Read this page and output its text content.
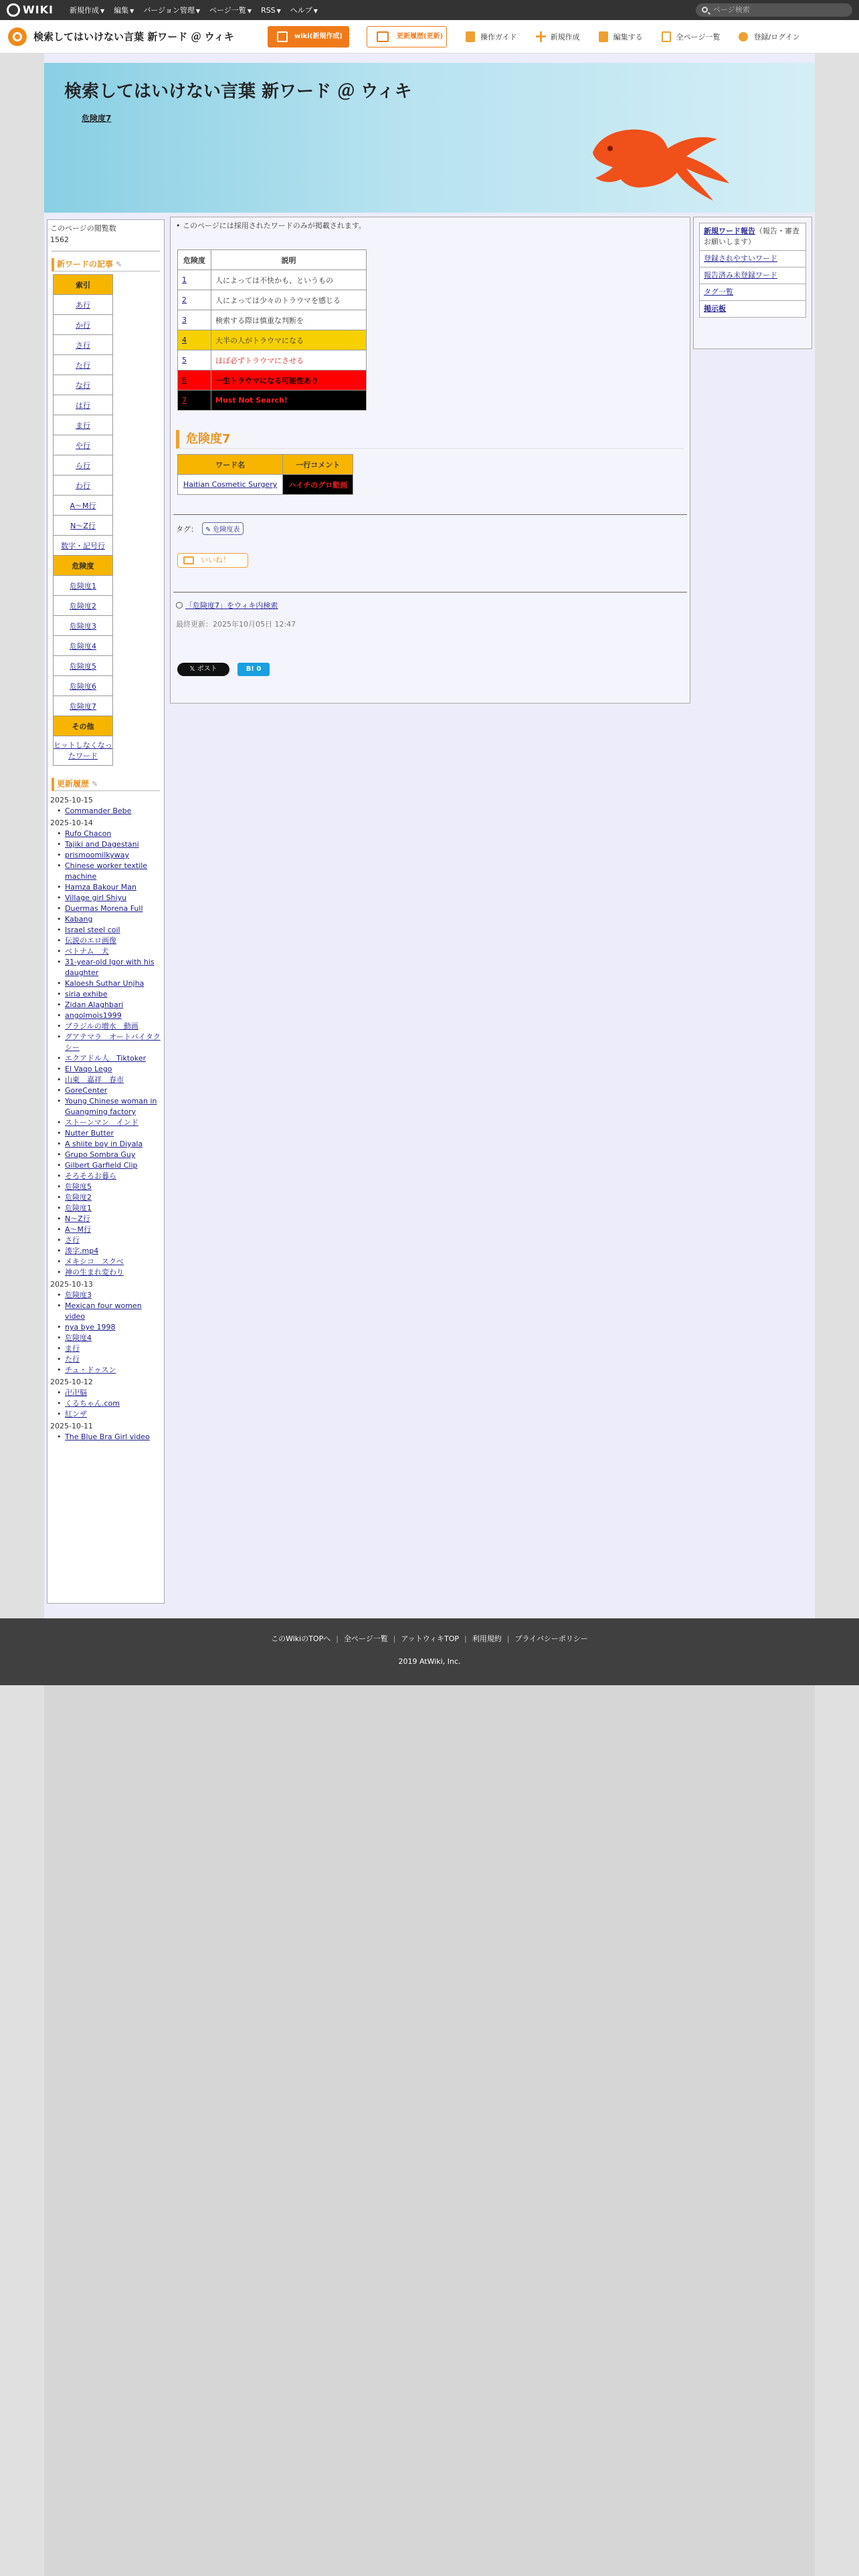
WIKI 新規作成 ▼ 編集 ▼ バージョン管理 ▼ ページ一覧 ▼ RSS ▼ ヘルプ ▼	ページ検索
検索してはいけない言葉 新ワード ＠ ウィキ	wiki(新規作成)	更新履歴(更新)	操作ガイド	新規作成	編集する	全ページ一覧	登録/ログイン
検索してはいけない言葉 新ワード ＠ ウィキ
危険度7
このページの閲覧数
1562
新ワードの記事 ✎
索引
あ行
か行
さ行
た行
な行
は行
ま行
や行
ら行
わ行
A～M行
N～Z行
数字・記号行
危険度
危険度1
危険度2
危険度3
危険度4
危険度5
危険度6
危険度7
その他
ヒットしなくなったワード
更新履歴 ✎
2025-10-15
• Commander Bebe
2025-10-14
• Rufo Chacon
• Tajiki and Dagestani
• prismoomilkyway
• Chinese worker textile machine
• Hamza Bakour Man
• Village girl Shiyu
• Duermas Morena Full
• Kabang
• Israel steel coil
• 伝説のエロ画像
• ベトナム　犬
• 31-year-old Igor with his daughter
• Kaloesh Suthar Unjha
• siria exhibe
• Zidan Alaghbari
• angolmois1999
• ブラジルの増水　動画
• グアテマラ　オートバイタクシー
• エクアドル人　Tiktoker
• El Vaqo Lego
• 山東　嘉祥　春市
• GoreCenter
• Young Chinese woman in Guangming factory
• ストーンマン　インド
• Nutter Butter
• A shiite boy in Diyala
• Grupo Sombra Guy
• Gilbert Garfield Clip
• そろそろお暮ら
• 危険度5
• 危険度2
• 危険度1
• N～Z行
• A～M行
• さ行
• 湊字.mp4
• メキシコ　スクベ
• 神の生まれ変わり
2025-10-13
• 危険度3
• Mexican four women video
• nya bye 1998
• 危険度4
• ま行
• た行
• チュ・ドゥスン
2025-10-12
• 卍卍脳
• くるちゃん.com
• 紅ンザ
2025-10-11
• The Blue Bra Girl video
• このページには採用されたワードのみが掲載されます。
危険度	説明
1	人によっては不快かも、というもの
2	人によっては少々のトラウマを感じる
3	検索する際は慎重な判断を
4	大半の人がトラウマになる
5	ほぼ必ずトラウマにさせる
6	一生トラウマになる可能性あり
7	Must Not Search!
危険度7
ワード名	一行コメント
Haitian Cosmetic Surgery	ハイチのグロ動画
タグ：	✎ 危険度表
いいね！
「危険度7」をウィキ内検索
最終更新：2025年10月05日 12:47
𝕏 ポスト	B! 0
新規ワード報告（報告・審査お願いします）
登録されやすいワード
報告済み未登録ワード
タグ一覧
掲示板
このWikiのTOPへ | 全ページ一覧 | アットウィキTOP | 利用規約 | プライバシーポリシー
2019 AtWiki, Inc.
